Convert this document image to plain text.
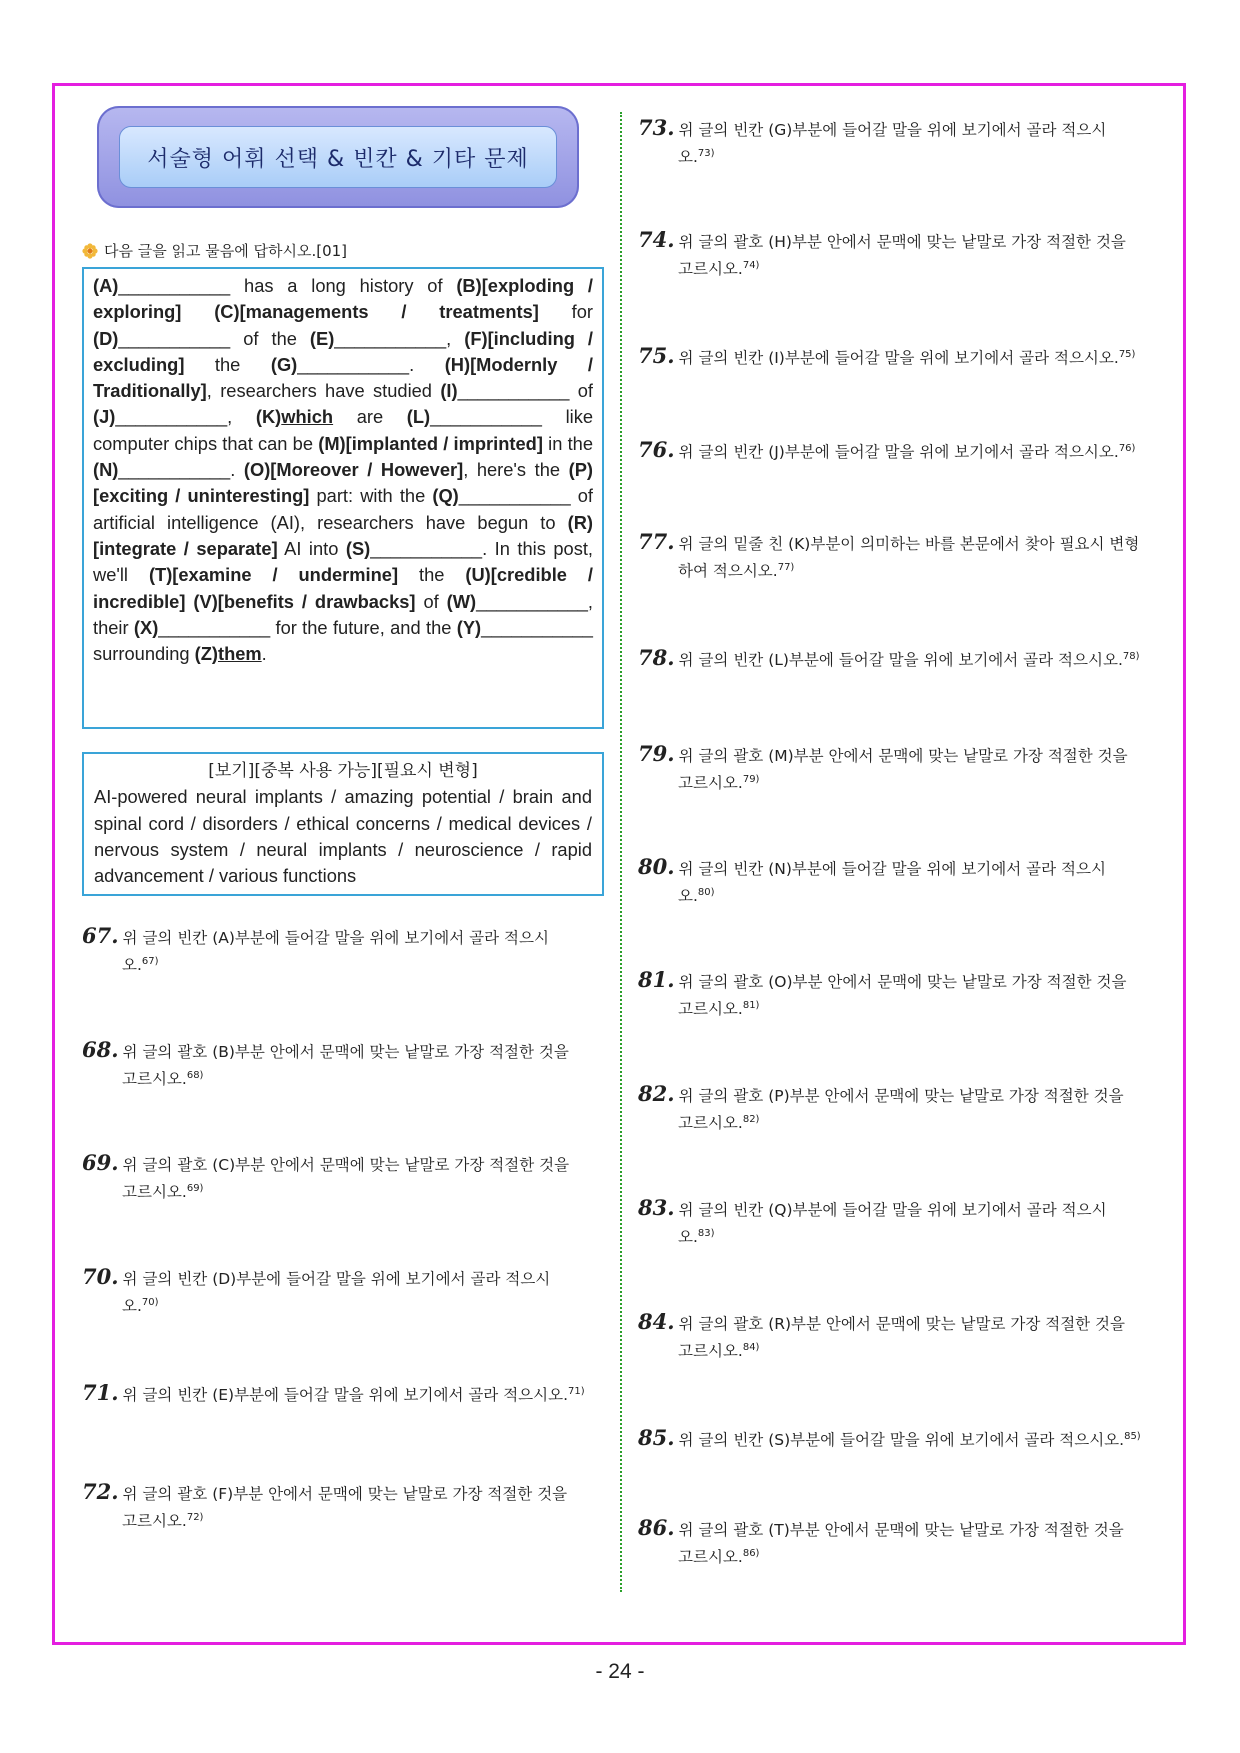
서술형 어휘 선택 & 빈칸 & 기타 문제
다음 글을 읽고 물음에 답하시오.[01]
(A)___________ has a long history of (B)[exploding / exploring] (C)[managements / treatments] for (D)___________ of the (E)___________, (F)[including / excluding] the (G)___________. (H)[Modernly / Traditionally], researchers have studied (I)___________ of (J)___________, (K)which are (L)___________ like computer chips that can be (M)[implanted / imprinted] in the (N)___________. (O)[Moreover / However], here's the (P)[exciting / uninteresting] part: with the (Q)___________ of artificial intelligence (AI), researchers have begun to (R)[integrate / separate] AI into (S)___________. In this post, we'll (T)[examine / undermine] the (U)[credible / incredible] (V)[benefits / drawbacks] of (W)___________, their (X)___________ for the future, and the (Y)___________ surrounding (Z)them.
[보기][중복 사용 가능][필요시 변형]
AI-powered neural implants / amazing potential / brain and spinal cord / disorders / ethical concerns / medical devices / nervous system / neural implants / neuroscience / rapid advancement / various functions
67. 위 글의 빈칸 (A)부분에 들어갈 말을 위에 보기에서 골라 적으시
오.$^{67)}$
68. 위 글의 괄호 (B)부분 안에서 문맥에 맞는 낱말로 가장 적절한 것을
고르시오.$^{68)}$
69. 위 글의 괄호 (C)부분 안에서 문맥에 맞는 낱말로 가장 적절한 것을
고르시오.$^{69)}$
70. 위 글의 빈칸 (D)부분에 들어갈 말을 위에 보기에서 골라 적으시
오.$^{70)}$
71. 위 글의 빈칸 (E)부분에 들어갈 말을 위에 보기에서 골라 적으시오.$^{71)}$
72. 위 글의 괄호 (F)부분 안에서 문맥에 맞는 낱말로 가장 적절한 것을
고르시오.$^{72)}$
73. 위 글의 빈칸 (G)부분에 들어갈 말을 위에 보기에서 골라 적으시
오.$^{73)}$
74. 위 글의 괄호 (H)부분 안에서 문맥에 맞는 낱말로 가장 적절한 것을
고르시오.$^{74)}$
75. 위 글의 빈칸 (I)부분에 들어갈 말을 위에 보기에서 골라 적으시오.$^{75)}$
76. 위 글의 빈칸 (J)부분에 들어갈 말을 위에 보기에서 골라 적으시오.$^{76)}$
77. 위 글의 밑줄 친 (K)부분이 의미하는 바를 본문에서 찾아 필요시 변형
하여 적으시오.$^{77)}$
78. 위 글의 빈칸 (L)부분에 들어갈 말을 위에 보기에서 골라 적으시오.$^{78)}$
79. 위 글의 괄호 (M)부분 안에서 문맥에 맞는 낱말로 가장 적절한 것을
고르시오.$^{79)}$
80. 위 글의 빈칸 (N)부분에 들어갈 말을 위에 보기에서 골라 적으시
오.$^{80)}$
81. 위 글의 괄호 (O)부분 안에서 문맥에 맞는 낱말로 가장 적절한 것을
고르시오.$^{81)}$
82. 위 글의 괄호 (P)부분 안에서 문맥에 맞는 낱말로 가장 적절한 것을
고르시오.$^{82)}$
83. 위 글의 빈칸 (Q)부분에 들어갈 말을 위에 보기에서 골라 적으시
오.$^{83)}$
84. 위 글의 괄호 (R)부분 안에서 문맥에 맞는 낱말로 가장 적절한 것을
고르시오.$^{84)}$
85. 위 글의 빈칸 (S)부분에 들어갈 말을 위에 보기에서 골라 적으시오.$^{85)}$
86. 위 글의 괄호 (T)부분 안에서 문맥에 맞는 낱말로 가장 적절한 것을
고르시오.$^{86)}$
- 24 -
